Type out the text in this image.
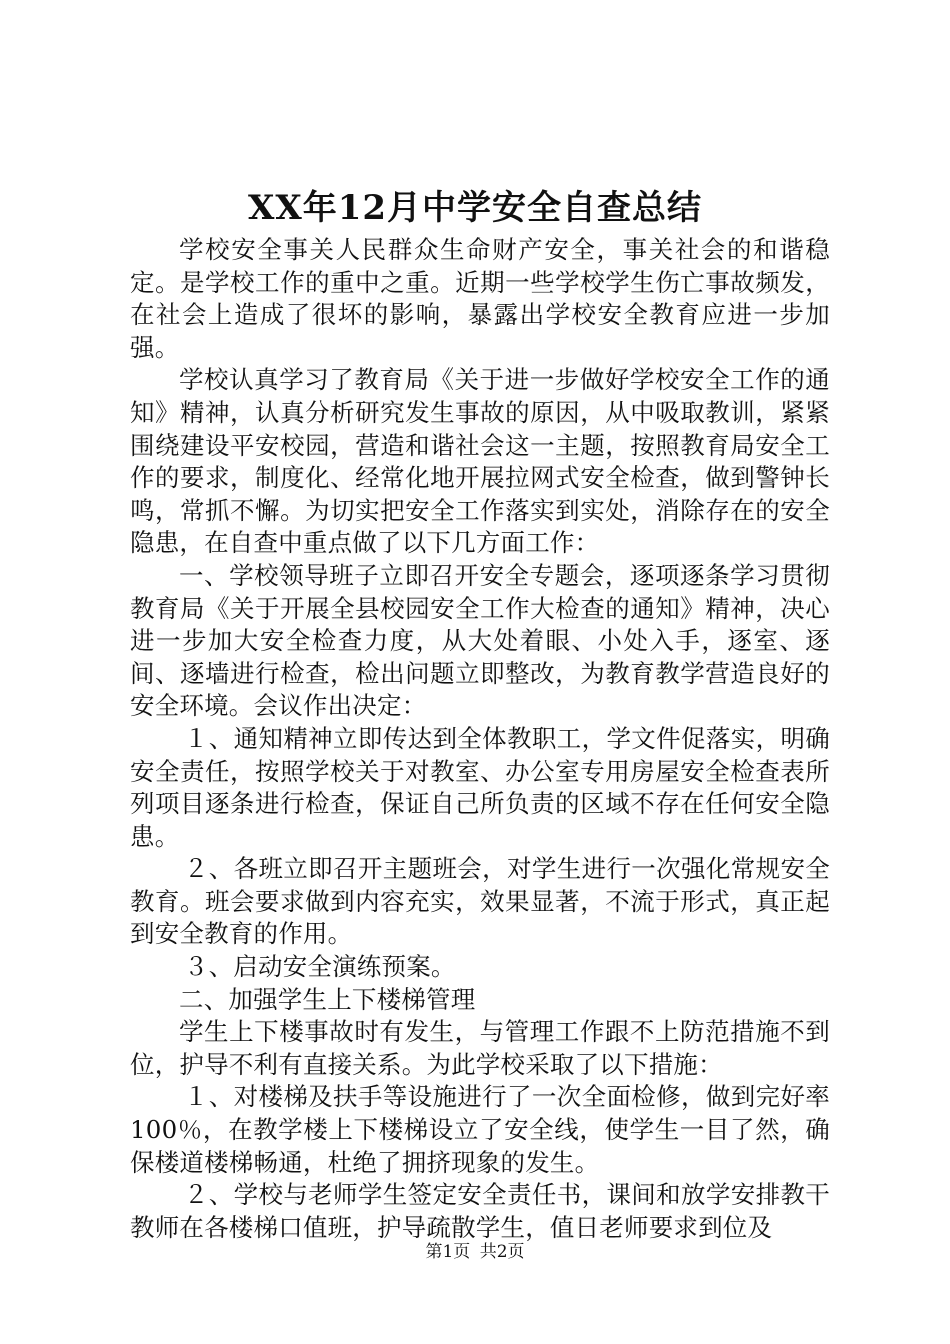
XX年12月中学安全自查总结

学校安全事关人民群众生命财产安全，事关社会的和谐稳定。是学校工作的重中之重。近期一些学校学生伤亡事故频发，在社会上造成了很坏的影响，暴露出学校安全教育应进一步加强。

学校认真学习了教育局《关于进一步做好学校安全工作的通知》精神，认真分析研究发生事故的原因，从中吸取教训，紧紧围绕建设平安校园，营造和谐社会这一主题，按照教育局安全工作的要求，制度化、经常化地开展拉网式安全检查，做到警钟长鸣，常抓不懈。为切实把安全工作落实到实处，消除存在的安全隐患，在自查中重点做了以下几方面工作：

一、学校领导班子立即召开安全专题会，逐项逐条学习贯彻教育局《关于开展全县校园安全工作大检查的通知》精神，决心进一步加大安全检查力度，从大处着眼、小处入手，逐室、逐间、逐墙进行检查，检出问题立即整改，为教育教学营造良好的安全环境。会议作出决定：

１、通知精神立即传达到全体教职工，学文件促落实，明确安全责任，按照学校关于对教室、办公室专用房屋安全检查表所列项目逐条进行检查，保证自己所负责的区域不存在任何安全隐患。

２、各班立即召开主题班会，对学生进行一次强化常规安全教育。班会要求做到内容充实，效果显著，不流于形式，真正起到安全教育的作用。

３、启动安全演练预案。

二、加强学生上下楼梯管理

学生上下楼事故时有发生，与管理工作跟不上防范措施不到位，护导不利有直接关系。为此学校采取了以下措施：

１、对楼梯及扶手等设施进行了一次全面检修，做到完好率100％，在教学楼上下楼梯设立了安全线，使学生一目了然，确保楼道楼梯畅通，杜绝了拥挤现象的发生。

２、学校与老师学生签定安全责任书，课间和放学安排教干教师在各楼梯口值班，护导疏散学生，值日老师要求到位及

第1页 共2页
